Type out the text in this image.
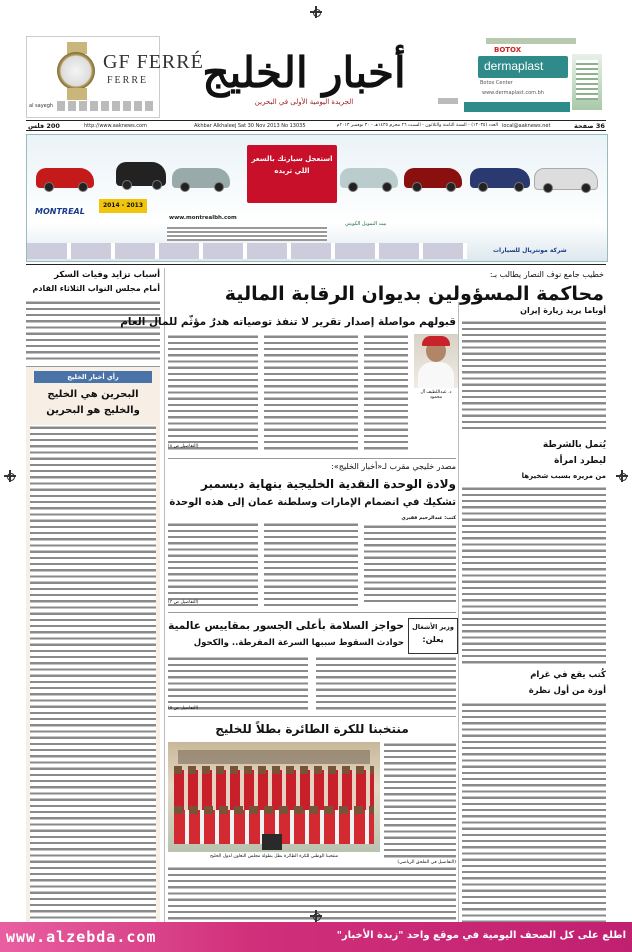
GF FERRÉ
FERRE
al sayegh
أخبار الخليج
الجريدة اليومية الأولى في البحرين
BOTOX
dermaplast
Botox Center
www.dermaplast.com.bh
200 فلس	http://www.aaknews.com	Akhbar Alkhaleej Sat 30 Nov 2013 No 13035	العدد (١٣٠٣٥) - السنة الثامنة والثلاثون - السبت ٢٦ محرم ١٤٣٥هـ - ٣٠ نوفمبر ٢٠١٣م local@aaknews.net	36 صفحة
MONTREAL
2014 - 2013
استعجل سيارتك بالسعر اللي تريده
www.montrealbh.com
بيت التمويل الكويتي
شركة مونتريال للسيارات
أسباب تزايد وفيات السكر
أمام مجلس النواب الثلاثاء القادم
رأي أخبار الخليج
البحرين هي الخليج
والخليج هو البحرين
أوباما يريد زيارة إيران
يُتمل بالشرطة
ليطرد امرأة
من مريره بسبب شخيرها
كُتب يقع في غرام
أوزة من أول نظرة
خطيب جامع نوف النصار يطالب بـ:
محاكمة المسؤولين بديوان الرقابة المالية
قبولهم مواصلة إصدار تقرير لا تنفذ توصياته هدرٌ مؤثّم للمال العام
د. عبداللطيف آل محمود
(التفاصيل ص ٨)
مصدر خليجي مقرب لـ«أخبار الخليج»:
ولادة الوحدة النقدية الخليجية بنهاية ديسمبر
تشكيك في انضمام الإمارات وسلطنة عمان إلى هذه الوحدة
كتب: عبدالرحيم فقيري
(التفاصيل ص ٣)
وزير الأشغال
يعلن:
حواجز السلامة بأعلى الجسور بمقاييس عالمية
حوادث السقوط سببها السرعة المفرطة.. والكحول
(التفاصيل ص ٥)
منتخبنا للكرة الطائرة بطلاً للخليج
منتخبنا الوطني للكرة الطائرة بطل بطولة مجلس التعاون لدول الخليج
(التفاصيل في الملحق الرياضي)
www.alzebda.com	اطلع على كل الصحف اليومية في موقع واحد "زبدة الأخبار"
